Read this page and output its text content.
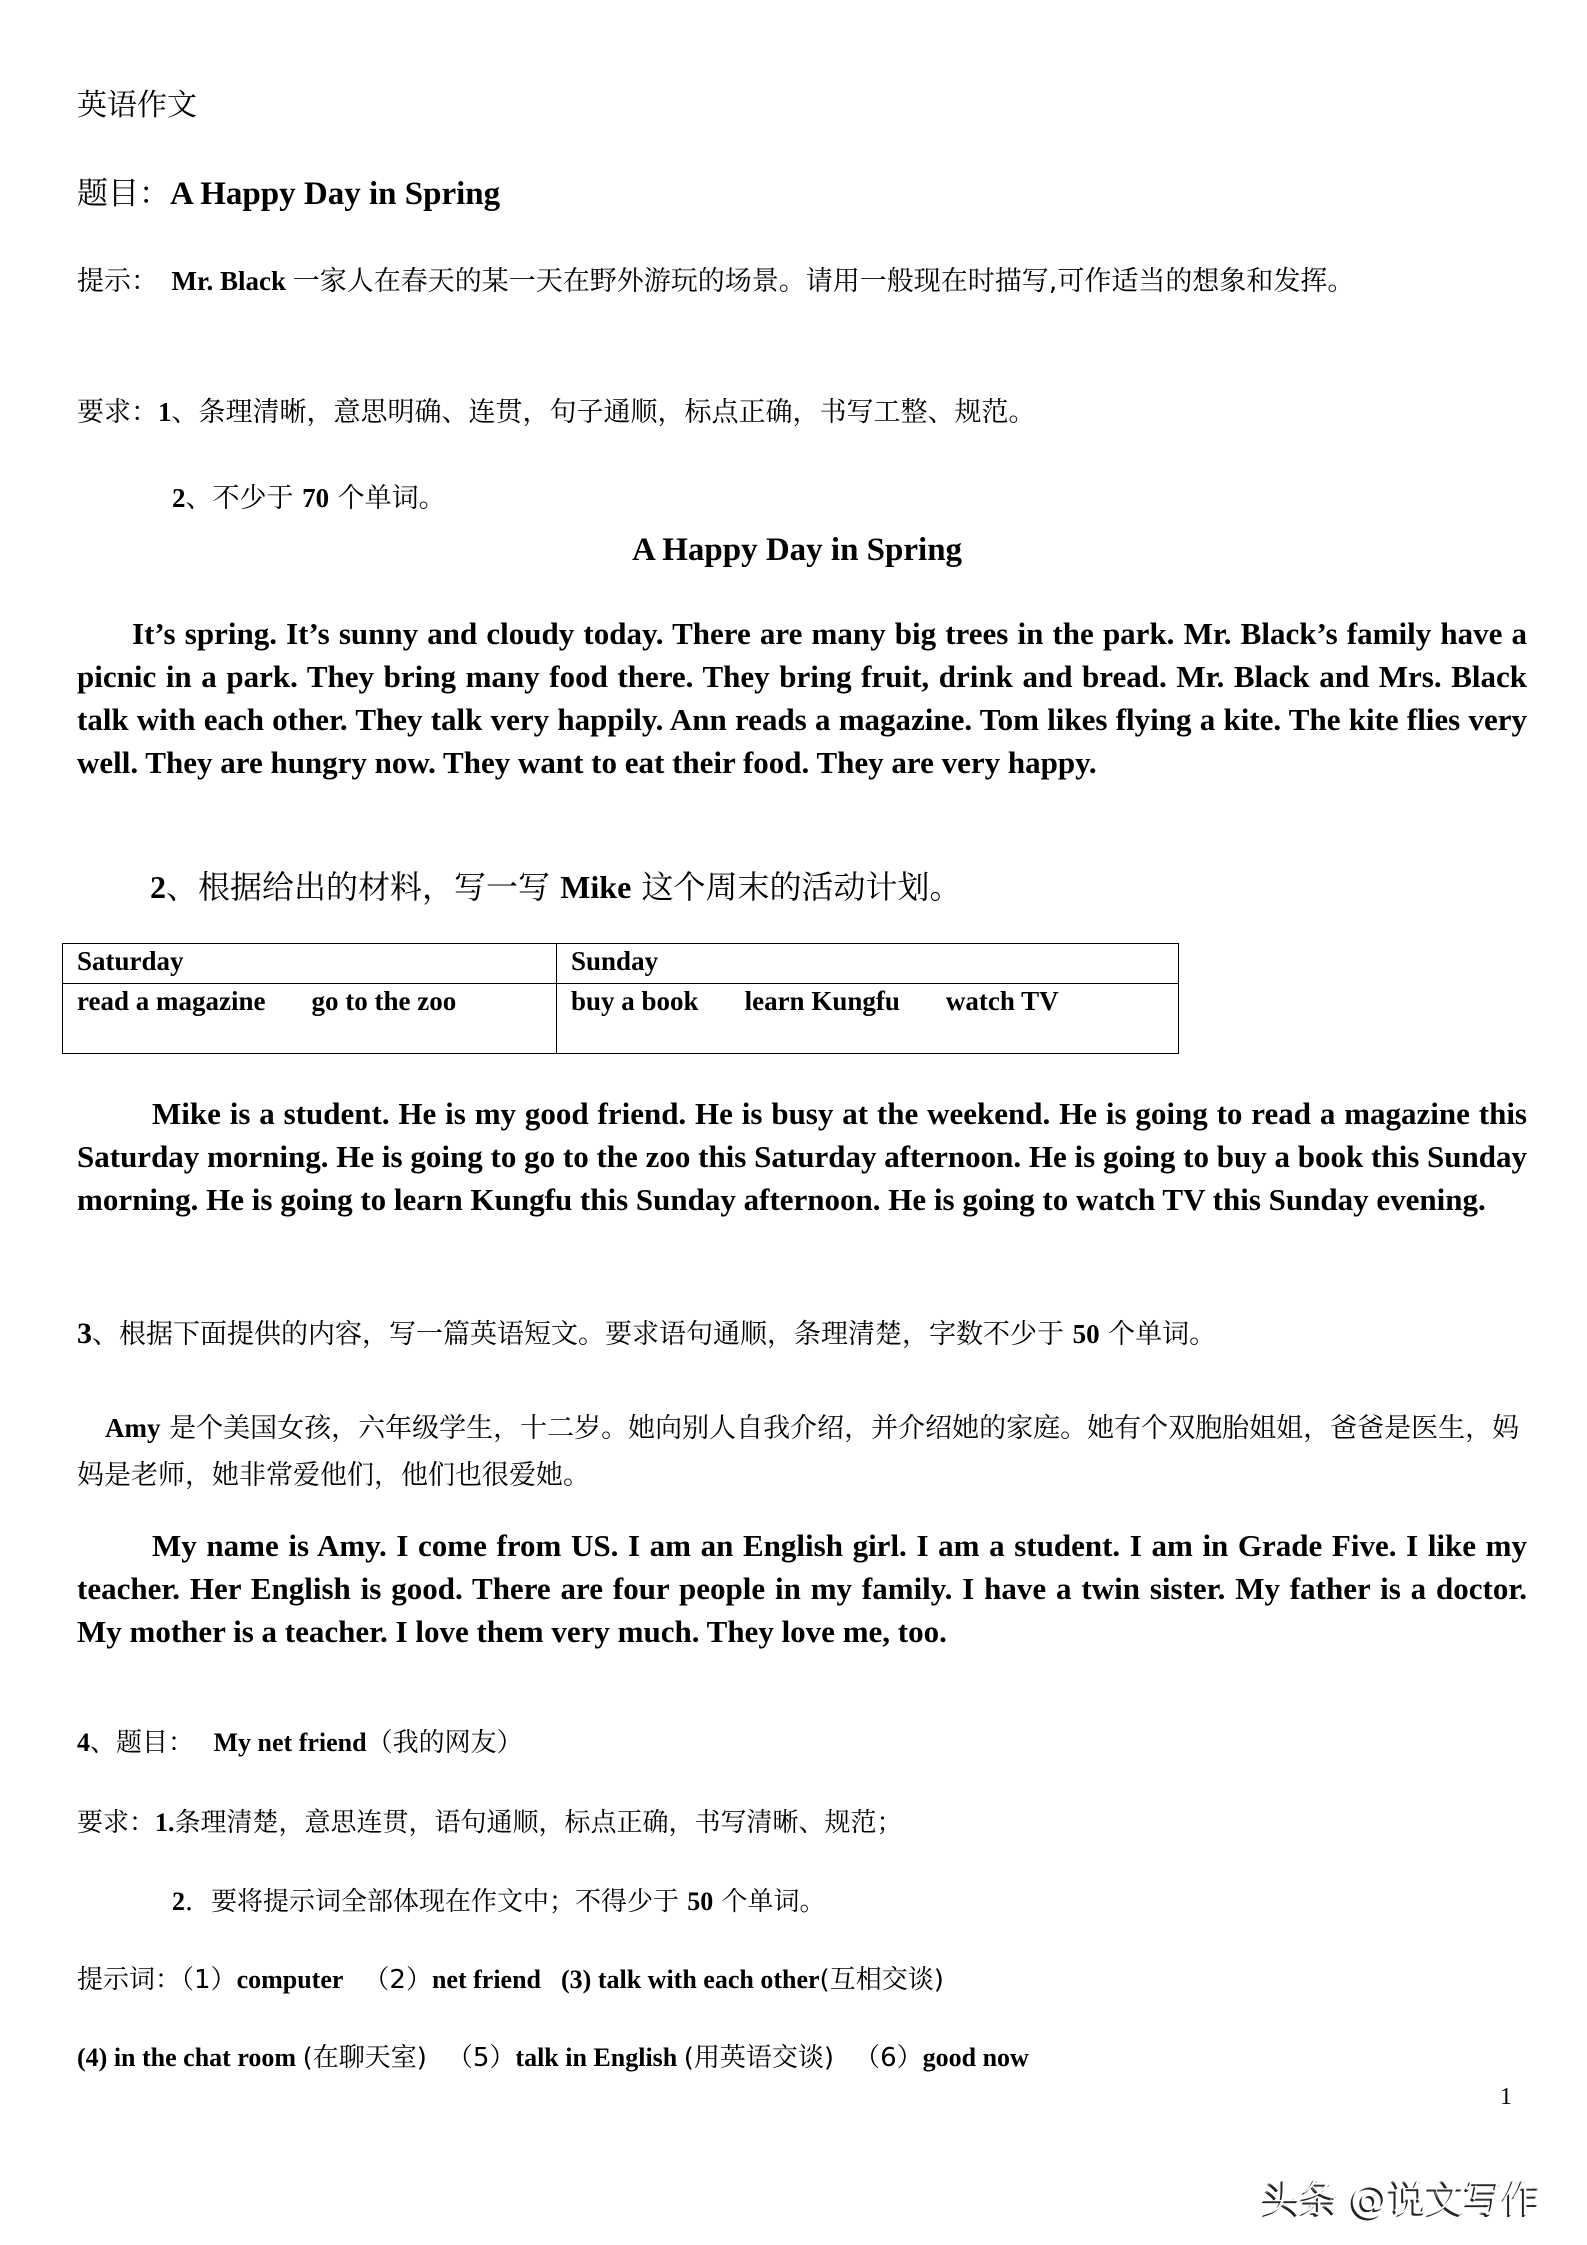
英语作文
题目：A Happy Day in Spring
提示： Mr. Black 一家人在春天的某一天在野外游玩的场景。请用一般现在时描写,可作适当的想象和发挥。
要求：1、条理清晰，意思明确、连贯，句子通顺，标点正确，书写工整、规范。
2、不少于 70 个单词。
A Happy Day in Spring
It’s spring. It’s sunny and cloudy today. There are many big trees in the park. Mr. Black’s family have a picnic in a park. They bring many food there. They bring fruit, drink and bread. Mr. Black and Mrs. Black talk with each other. They talk very happily. Ann reads a magazine. Tom likes flying a kite. The kite flies very well. They are hungry now. They want to eat their food. They are very happy.
2、根据给出的材料，写一写 Mike 这个周末的活动计划。
Saturday	Sunday
read a magazine go to the zoo	buy a book learn Kungfu watch TV
Mike is a student. He is my good friend. He is busy at the weekend. He is going to read a magazine this Saturday morning. He is going to go to the zoo this Saturday afternoon. He is going to buy a book this Sunday morning. He is going to learn Kungfu this Sunday afternoon. He is going to watch TV this Sunday evening.
3、根据下面提供的内容，写一篇英语短文。要求语句通顺，条理清楚，字数不少于 50 个单词。
Amy 是个美国女孩，六年级学生，十二岁。她向别人自我介绍，并介绍她的家庭。她有个双胞胎姐姐，爸爸是医生，妈妈是老师，她非常爱他们，他们也很爱她。
My name is Amy. I come from US. I am an English girl. I am a student. I am in Grade Five. I like my teacher. Her English is good. There are four people in my family. I have a twin sister. My father is a doctor. My mother is a teacher. I love them very much. They love me, too.
4、题目： My net friend（我的网友）
要求：1.条理清楚，意思连贯，语句通顺，标点正确，书写清晰、规范；
2．要将提示词全部体现在作文中；不得少于 50 个单词。
提示词：（1）computer （2）net friend (3) talk with each other(互相交谈)
(4) in the chat room (在聊天室) （5）talk in English (用英语交谈) （6）good now
1
头条 @说文写作
